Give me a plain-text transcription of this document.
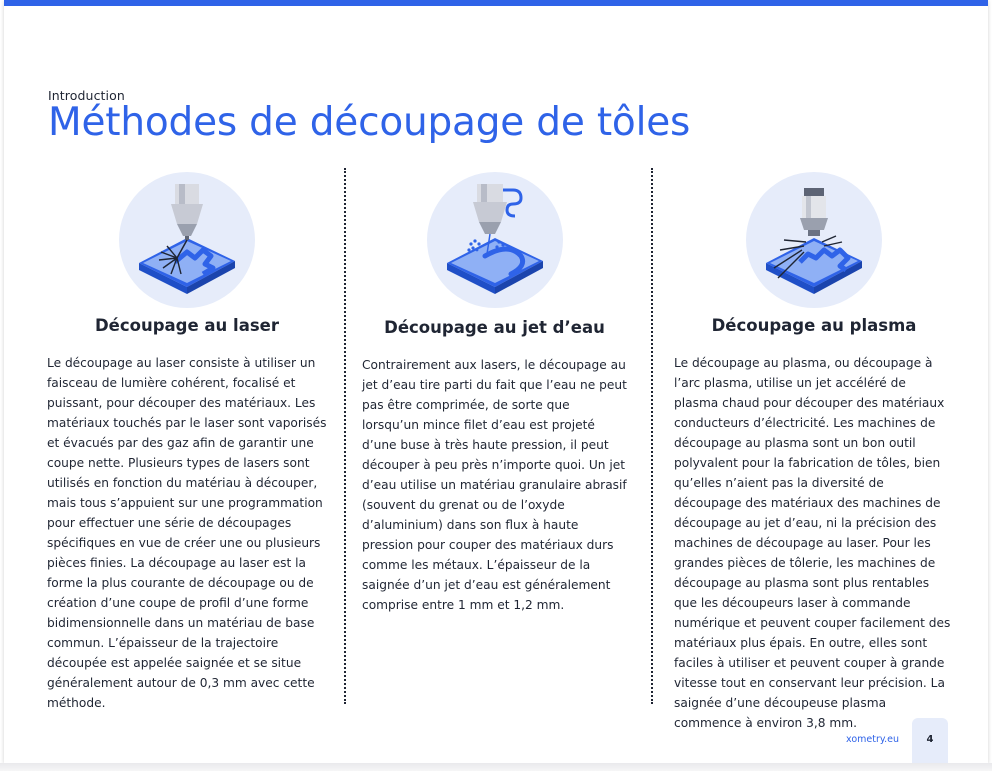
Introduction
Méthodes de découpage de tôles
Découpage au laser
Le découpage au laser consiste à utiliser un faisceau de lumière cohérent, focalisé et puissant, pour découper des matériaux. Les matériaux touchés par le laser sont vaporisés et évacués par des gaz afin de garantir une coupe nette. Plusieurs types de lasers sont utilisés en fonction du matériau à découper, mais tous s’appuient sur une programmation pour effectuer une série de découpages spécifiques en vue de créer une ou plusieurs pièces finies. La découpage au laser est la forme la plus courante de découpage ou de création d’une coupe de profil d’une forme bidimensionnelle dans un matériau de base commun. L’épaisseur de la trajectoire découpée est appelée saignée et se situe généralement autour de 0,3 mm avec cette méthode.
Découpage au jet d’eau
Contrairement aux lasers, le découpage au jet d’eau tire parti du fait que l’eau ne peut pas être comprimée, de sorte que lorsqu’un mince filet d’eau est projeté d’une buse à très haute pression, il peut découper à peu près n’importe quoi. Un jet d’eau utilise un matériau granulaire abrasif (souvent du grenat ou de l’oxyde d’aluminium) dans son flux à haute pression pour couper des matériaux durs comme les métaux. L’épaisseur de la saignée d’un jet d’eau est généralement comprise entre 1 mm et 1,2 mm.
Découpage au plasma
Le découpage au plasma, ou découpage à l’arc plasma, utilise un jet accéléré de plasma chaud pour découper des matériaux conducteurs d’électricité. Les machines de découpage au plasma sont un bon outil polyvalent pour la fabrication de tôles, bien qu’elles n’aient pas la diversité de découpage des matériaux des machines de découpage au jet d’eau, ni la précision des machines de découpage au laser. Pour les grandes pièces de tôlerie, les machines de découpage au plasma sont plus rentables que les découpeurs laser à commande numérique et peuvent couper facilement des matériaux plus épais. En outre, elles sont faciles à utiliser et peuvent couper à grande vitesse tout en conservant leur précision. La saignée d’une découpeuse plasma commence à environ 3,8 mm.
xometry.eu	4
